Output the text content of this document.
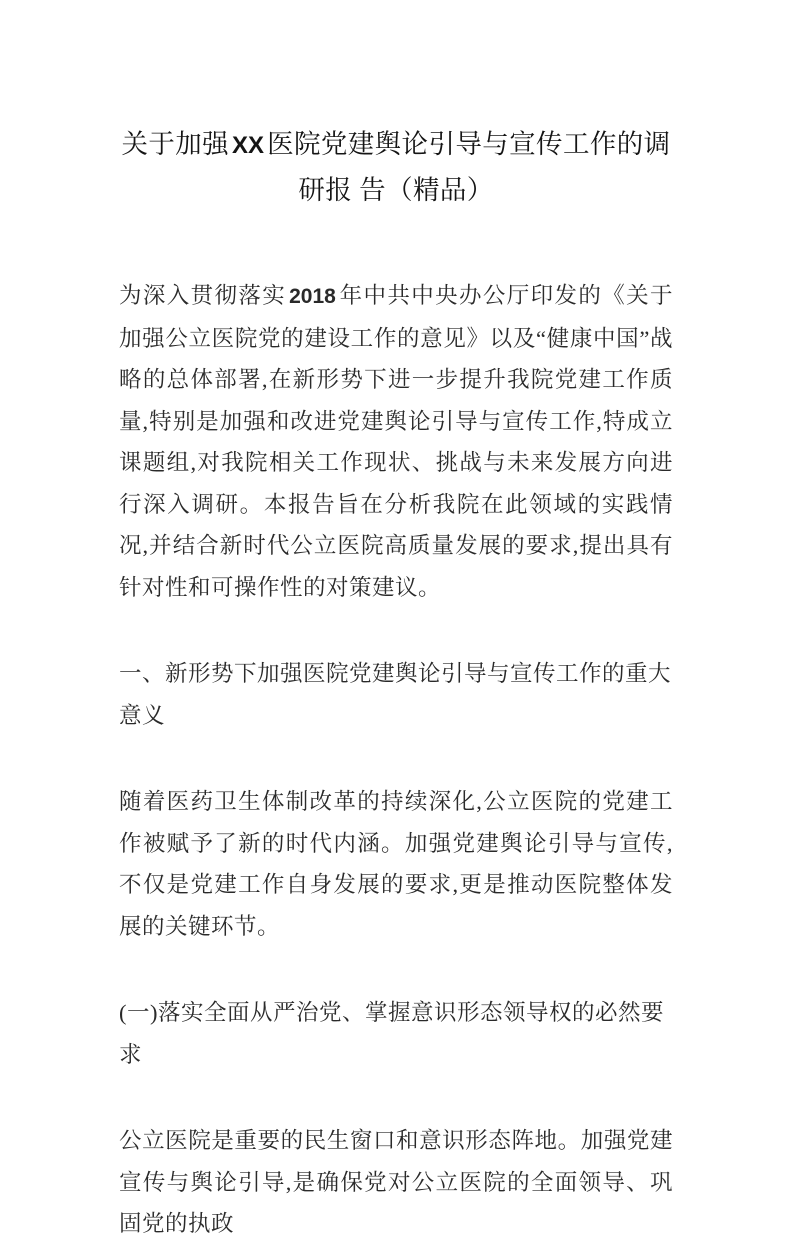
关于加强 XX 医院党建舆论引导与宣传工作的调研报 告（精品）

为深入贯彻落实 2018 年中共中央办公厅印发的《关于加强公立医院党的建设工作的意见》以及“健康中国”战略的总体部署,在新形势下进一步提升我院党建工作质量,特别是加强和改进党建舆论引导与宣传工作,特成立课题组,对我院相关工作现状、挑战与未来发展方向进行深入调研。本报告旨在分析我院在此领域的实践情况,并结合新时代公立医院高质量发展的要求,提出具有针对性和可操作性的对策建议。

一、新形势下加强医院党建舆论引导与宣传工作的重大意义

随着医药卫生体制改革的持续深化,公立医院的党建工作被赋予了新的时代内涵。加强党建舆论引导与宣传,不仅是党建工作自身发展的要求,更是推动医院整体发展的关键环节。

(一)落实全面从严治党、掌握意识形态领导权的必然要求

公立医院是重要的民生窗口和意识形态阵地。加强党建宣传与舆论引导,是确保党对公立医院的全面领导、巩固党的执政
